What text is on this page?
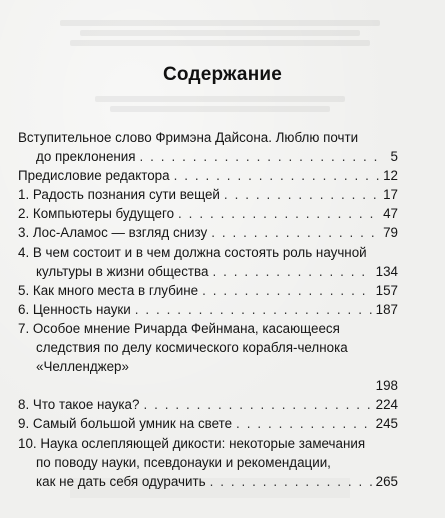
Содержание
Вступительное слово Фримэна Дайсона. Люблю почти
до преклонения . . .	5
Предисловие редактора . . .	12
1. Радость познания сути вещей . . .	17
2. Компьютеры будущего . . .	47
3. Лос-Аламос — взгляд снизу . . .	79
4. В чем состоит и в чем должна состоять роль научной
культуры в жизни общества . . .	134
5. Как много места в глубине . . .	157
6. Ценность науки . . .	187
7. Особое мнение Ричарда Фейнмана, касающееся
следствия по делу космического корабля-челнока
«Челленджер»
198
8. Что такое наука? . . .	224
9. Самый большой умник на свете . . .	245
10. Наука ослепляющей дикости: некоторые замечания
по поводу науки, псевдонауки и рекомендации,
как не дать себя одурачить . . .	265
